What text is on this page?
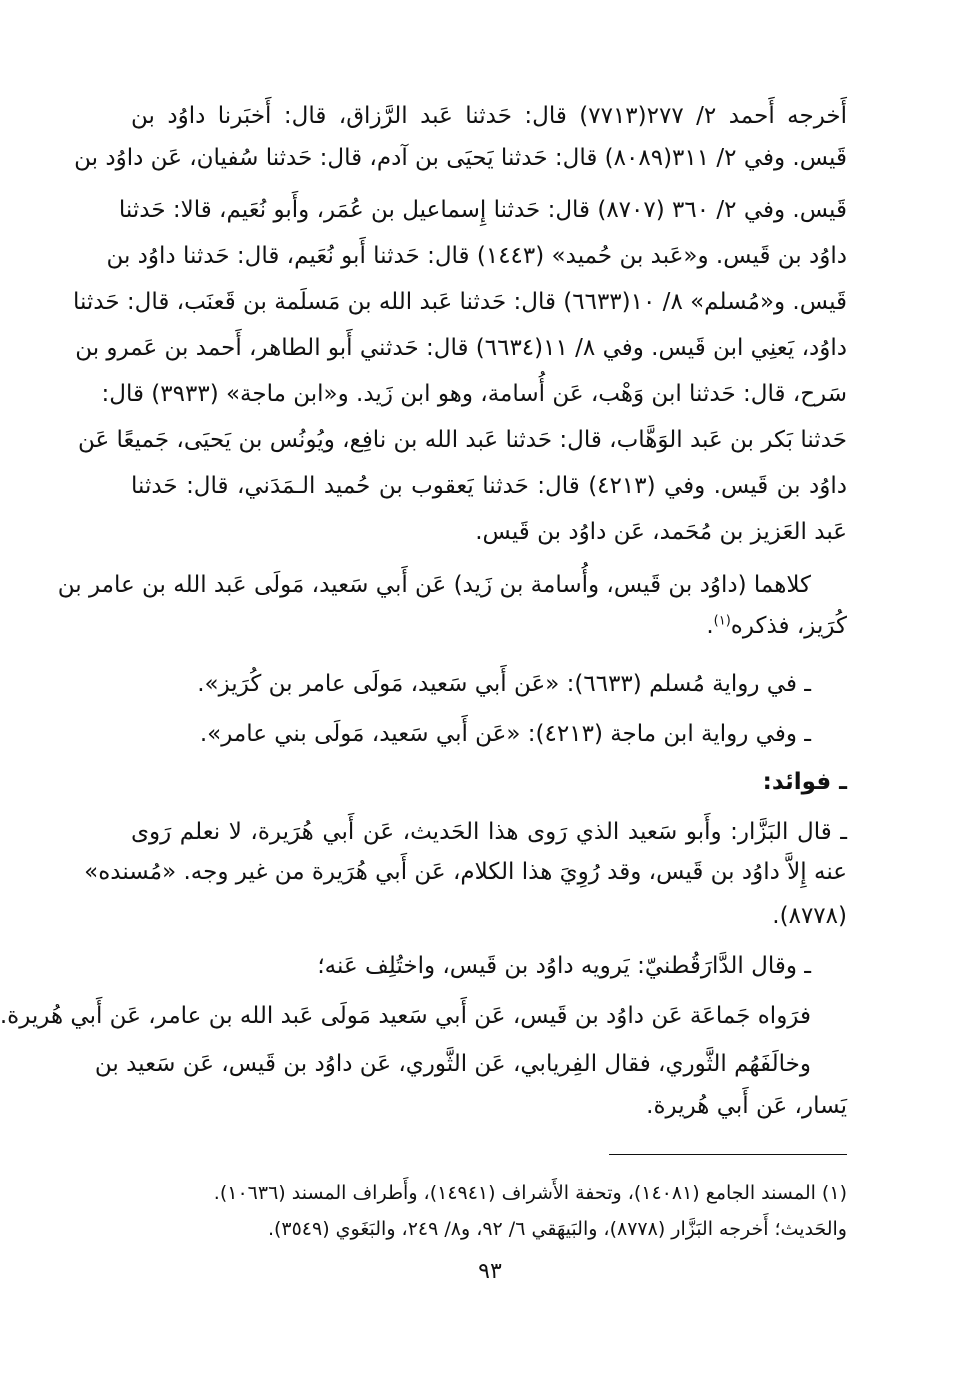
أَخرجه أَحمد ٢/ ٢٧٧(٧٧١٣) قال: حَدثنا عَبد الرَّزاق، قال: أَخبَرنا داوُد بن
قَيس. وفي ٢/ ٣١١(٨٠٨٩) قال: حَدثنا يَحيَى بن آدم، قال: حَدثنا سُفيان، عَن داوُد بن
قَيس. وفي ٢/ ٣٦٠ (٨٧٠٧) قال: حَدثنا إِسماعيل بن عُمَر، وأَبو نُعَيم، قالا: حَدثنا
داوُد بن قَيس. و«عَبد بن حُميد» (١٤٤٣) قال: حَدثنا أَبو نُعَيم، قال: حَدثنا داوُد بن
قَيس. و«مُسلم» ٨/ ١٠(٦٦٣٣) قال: حَدثنا عَبد الله بن مَسلَمة بن قَعنَب، قال: حَدثنا
داوُد، يَعنِي ابن قَيس. وفي ٨/ ١١(٦٦٣٤) قال: حَدثني أَبو الطاهر، أَحمد بن عَمرو بن
سَرح، قال: حَدثنا ابن وَهْب، عَن أُسامة، وهو ابن زَيد. و«ابن ماجة» (٣٩٣٣) قال:
حَدثنا بَكر بن عَبد الوَهَّاب، قال: حَدثنا عَبد الله بن نافِع، ويُونُس بن يَحيَى، جَميعًا عَن
داوُد بن قَيس. وفي (٤٢١٣) قال: حَدثنا يَعقوب بن حُميد الـمَدَني، قال: حَدثنا
عَبد العَزيز بن مُحَمد، عَن داوُد بن قَيس.
كلاهما (داوُد بن قَيس، وأُسامة بن زَيد) عَن أَبي سَعيد، مَولَى عَبد الله بن عامر بن
كُرَيز، فذكره$^{(١)}$.
ـ في رواية مُسلم (٦٦٣٣): «عَن أَبي سَعيد، مَولَى عامر بن كُرَيز».
ـ وفي رواية ابن ماجة (٤٢١٣): «عَن أَبي سَعيد، مَولَى بني عامر».
ـ فوائد:
ـ قال البَزَّار: وأَبو سَعيد الذي رَوى هذا الحَديث، عَن أَبي هُرَيرة، لا نعلم رَوى
عنه إِلاَّ داوُد بن قَيس، وقد رُوِيَ هذا الكلام، عَن أَبي هُرَيرة من غير وجه. «مُسنده»
(٨٧٧٨).
ـ وقال الدَّارَقُطنيّ: يَرويه داوُد بن قَيس، واختُلِف عَنه؛
فرَواه جَماعَة عَن داوُد بن قَيس، عَن أَبي سَعيد مَولَى عَبد الله بن عامر، عَن أَبي هُريرة.
وخالَفَهُم الثَّوري، فقال الفِريابي، عَن الثَّوري، عَن داوُد بن قَيس، عَن سَعيد بن
يَسار، عَن أَبي هُريرة.
(١) المسند الجامع (١٤٠٨١)، وتحفة الأَشراف (١٤٩٤١)، وأَطراف المسند (١٠٦٣٦).
والحَديث؛ أَخرجه البَزَّار (٨٧٧٨)، والبَيهَقي ٦/ ٩٢، و٨/ ٢٤٩، والبَغَوي (٣٥٤٩).
٩٣
